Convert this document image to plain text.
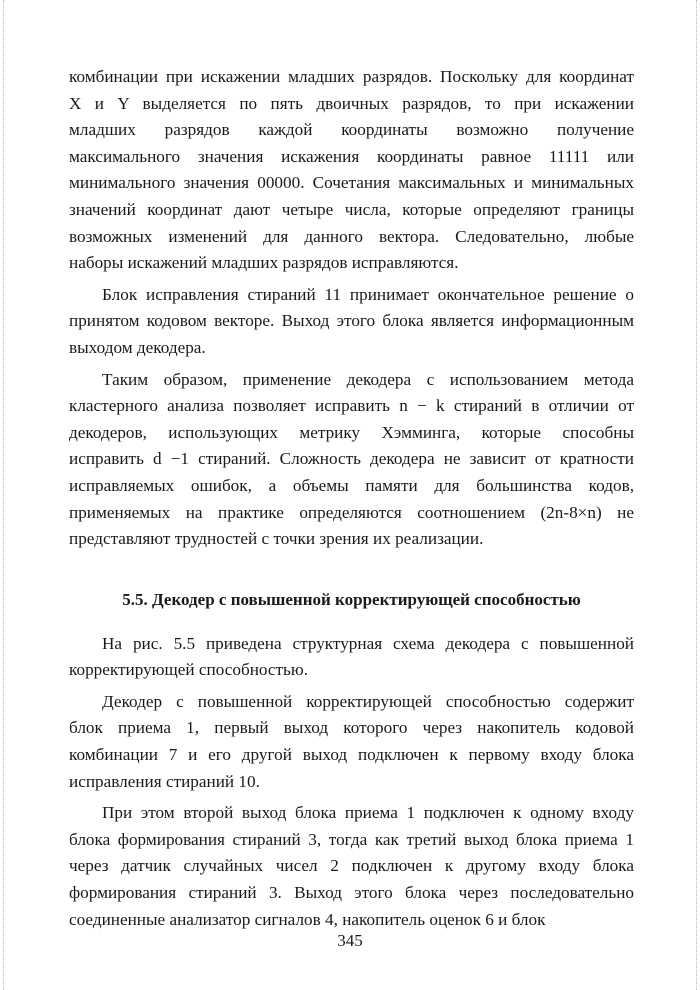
комбинации при искажении младших разрядов. Поскольку для координат
X и Y выделяется по пять двоичных разрядов, то при искажении
младших разрядов каждой координаты возможно получение
максимального значения искажения координаты равное 11111 или
минимального значения 00000. Сочетания максимальных и минимальных
значений координат дают четыре числа, которые определяют границы
возможных изменений для данного вектора. Следовательно, любые
наборы искажений младших разрядов исправляются.
Блок исправления стираний 11 принимает окончательное решение о
принятом кодовом векторе. Выход этого блока является информационным
выходом декодера.
Таким образом, применение декодера с использованием метода
кластерного анализа позволяет исправить n − k стираний в отличии от
декодеров, использующих метрику Хэмминга, которые способны
исправить d −1 стираний. Сложность декодера не зависит от кратности
исправляемых ошибок, а объемы памяти для большинства кодов,
применяемых на практике определяются соотношением (2n-8×n) не
представляют трудностей с точки зрения их реализации.
5.5. Декодер с повышенной корректирующей способностью
На рис. 5.5 приведена структурная схема декодера с повышенной
корректирующей способностью.
Декодер с повышенной корректирующей способностью содержит
блок приема 1, первый выход которого через накопитель кодовой
комбинации 7 и его другой выход подключен к первому входу блока
исправления стираний 10.
При этом второй выход блока приема 1 подключен к одному входу
блока формирования стираний 3, тогда как третий выход блока приема 1
через датчик случайных чисел 2 подключен к другому входу блока
формирования стираний 3. Выход этого блока через последовательно
соединенные анализатор сигналов 4, накопитель оценок 6 и блок
345
